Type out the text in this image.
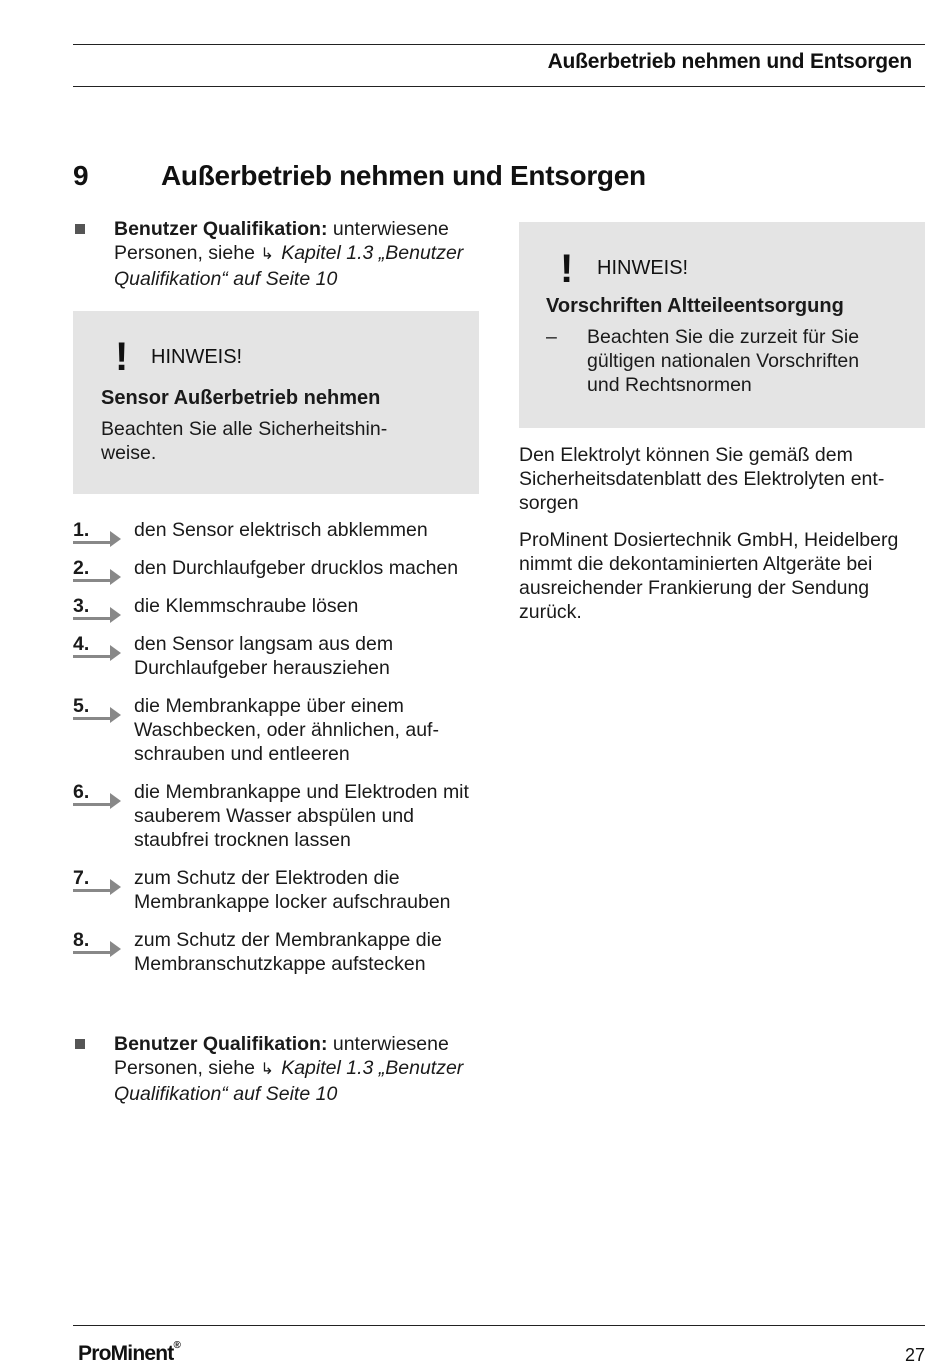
Außerbetrieb nehmen und Entsorgen
9	Außerbetrieb nehmen und Entsorgen
Benutzer Qualifikation: unterwiesene Personen, siehe ↳ Kapitel 1.3 „Benutzer Qualifikation“ auf Seite 10
! HINWEIS!

Sensor Außerbetrieb nehmen

Beachten Sie alle Sicherheitshinweise.

1. den Sensor elektrisch abklemmen
2. den Durchlaufgeber drucklos machen
3. die Klemmschraube lösen
4. den Sensor langsam aus dem Durchlaufgeber herausziehen
5. die Membrankappe über einem Waschbecken, oder ähnlichen, aufschrauben und entleeren
6. die Membrankappe und Elektroden mit sauberem Wasser abspülen und staubfrei trocknen lassen
7. zum Schutz der Elektroden die Membrankappe locker aufschrauben
8. zum Schutz der Membrankappe die Membranschutzkappe aufstecken
Benutzer Qualifikation: unterwiesene Personen, siehe ↳ Kapitel 1.3 „Benutzer Qualifikation“ auf Seite 10
! HINWEIS!

Vorschriften Altteileentsorgung

– Beachten Sie die zurzeit für Sie gültigen nationalen Vorschriften und Rechtsnormen

Den Elektrolyt können Sie gemäß dem Sicherheitsdatenblatt des Elektrolyten entsorgen

ProMinent Dosiertechnik GmbH, Heidelberg nimmt die dekontaminierten Altgeräte bei ausreichender Frankierung der Sendung zurück.

ProMinent®	27
